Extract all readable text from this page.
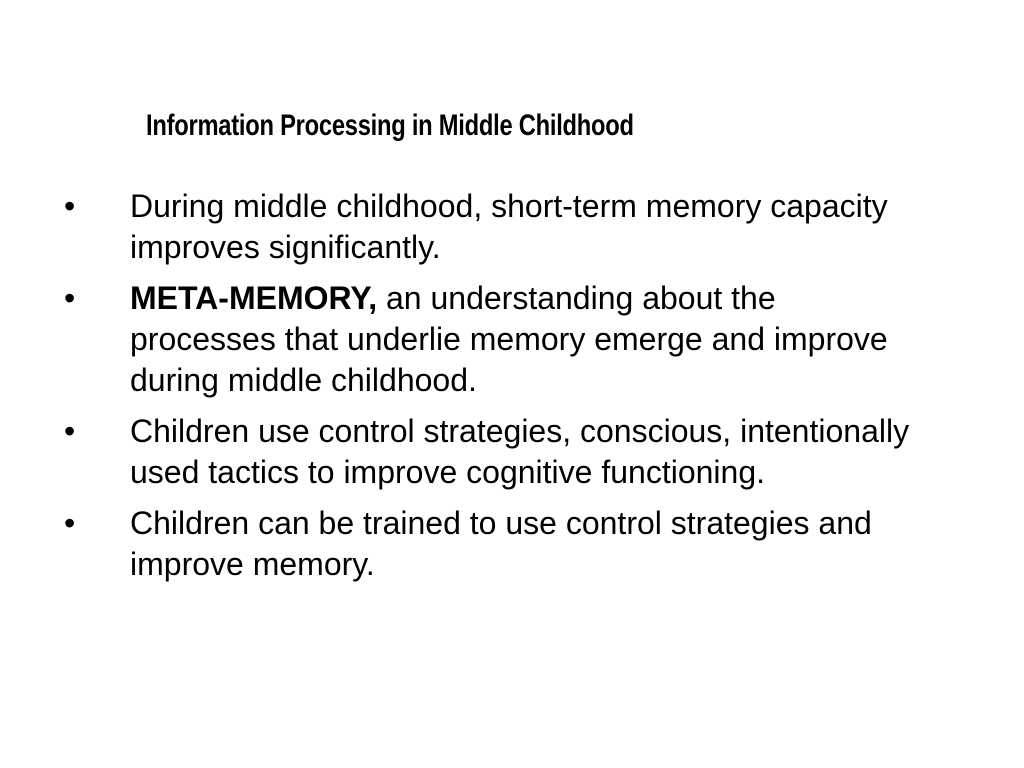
Information Processing in Middle Childhood
• During middle childhood, short-term memory capacity improves significantly.
• META-MEMORY, an understanding about the processes that underlie memory emerge and improve during middle childhood.
• Children use control strategies, conscious, intentionally used tactics to improve cognitive functioning.
• Children can be trained to use control strategies and improve memory.
